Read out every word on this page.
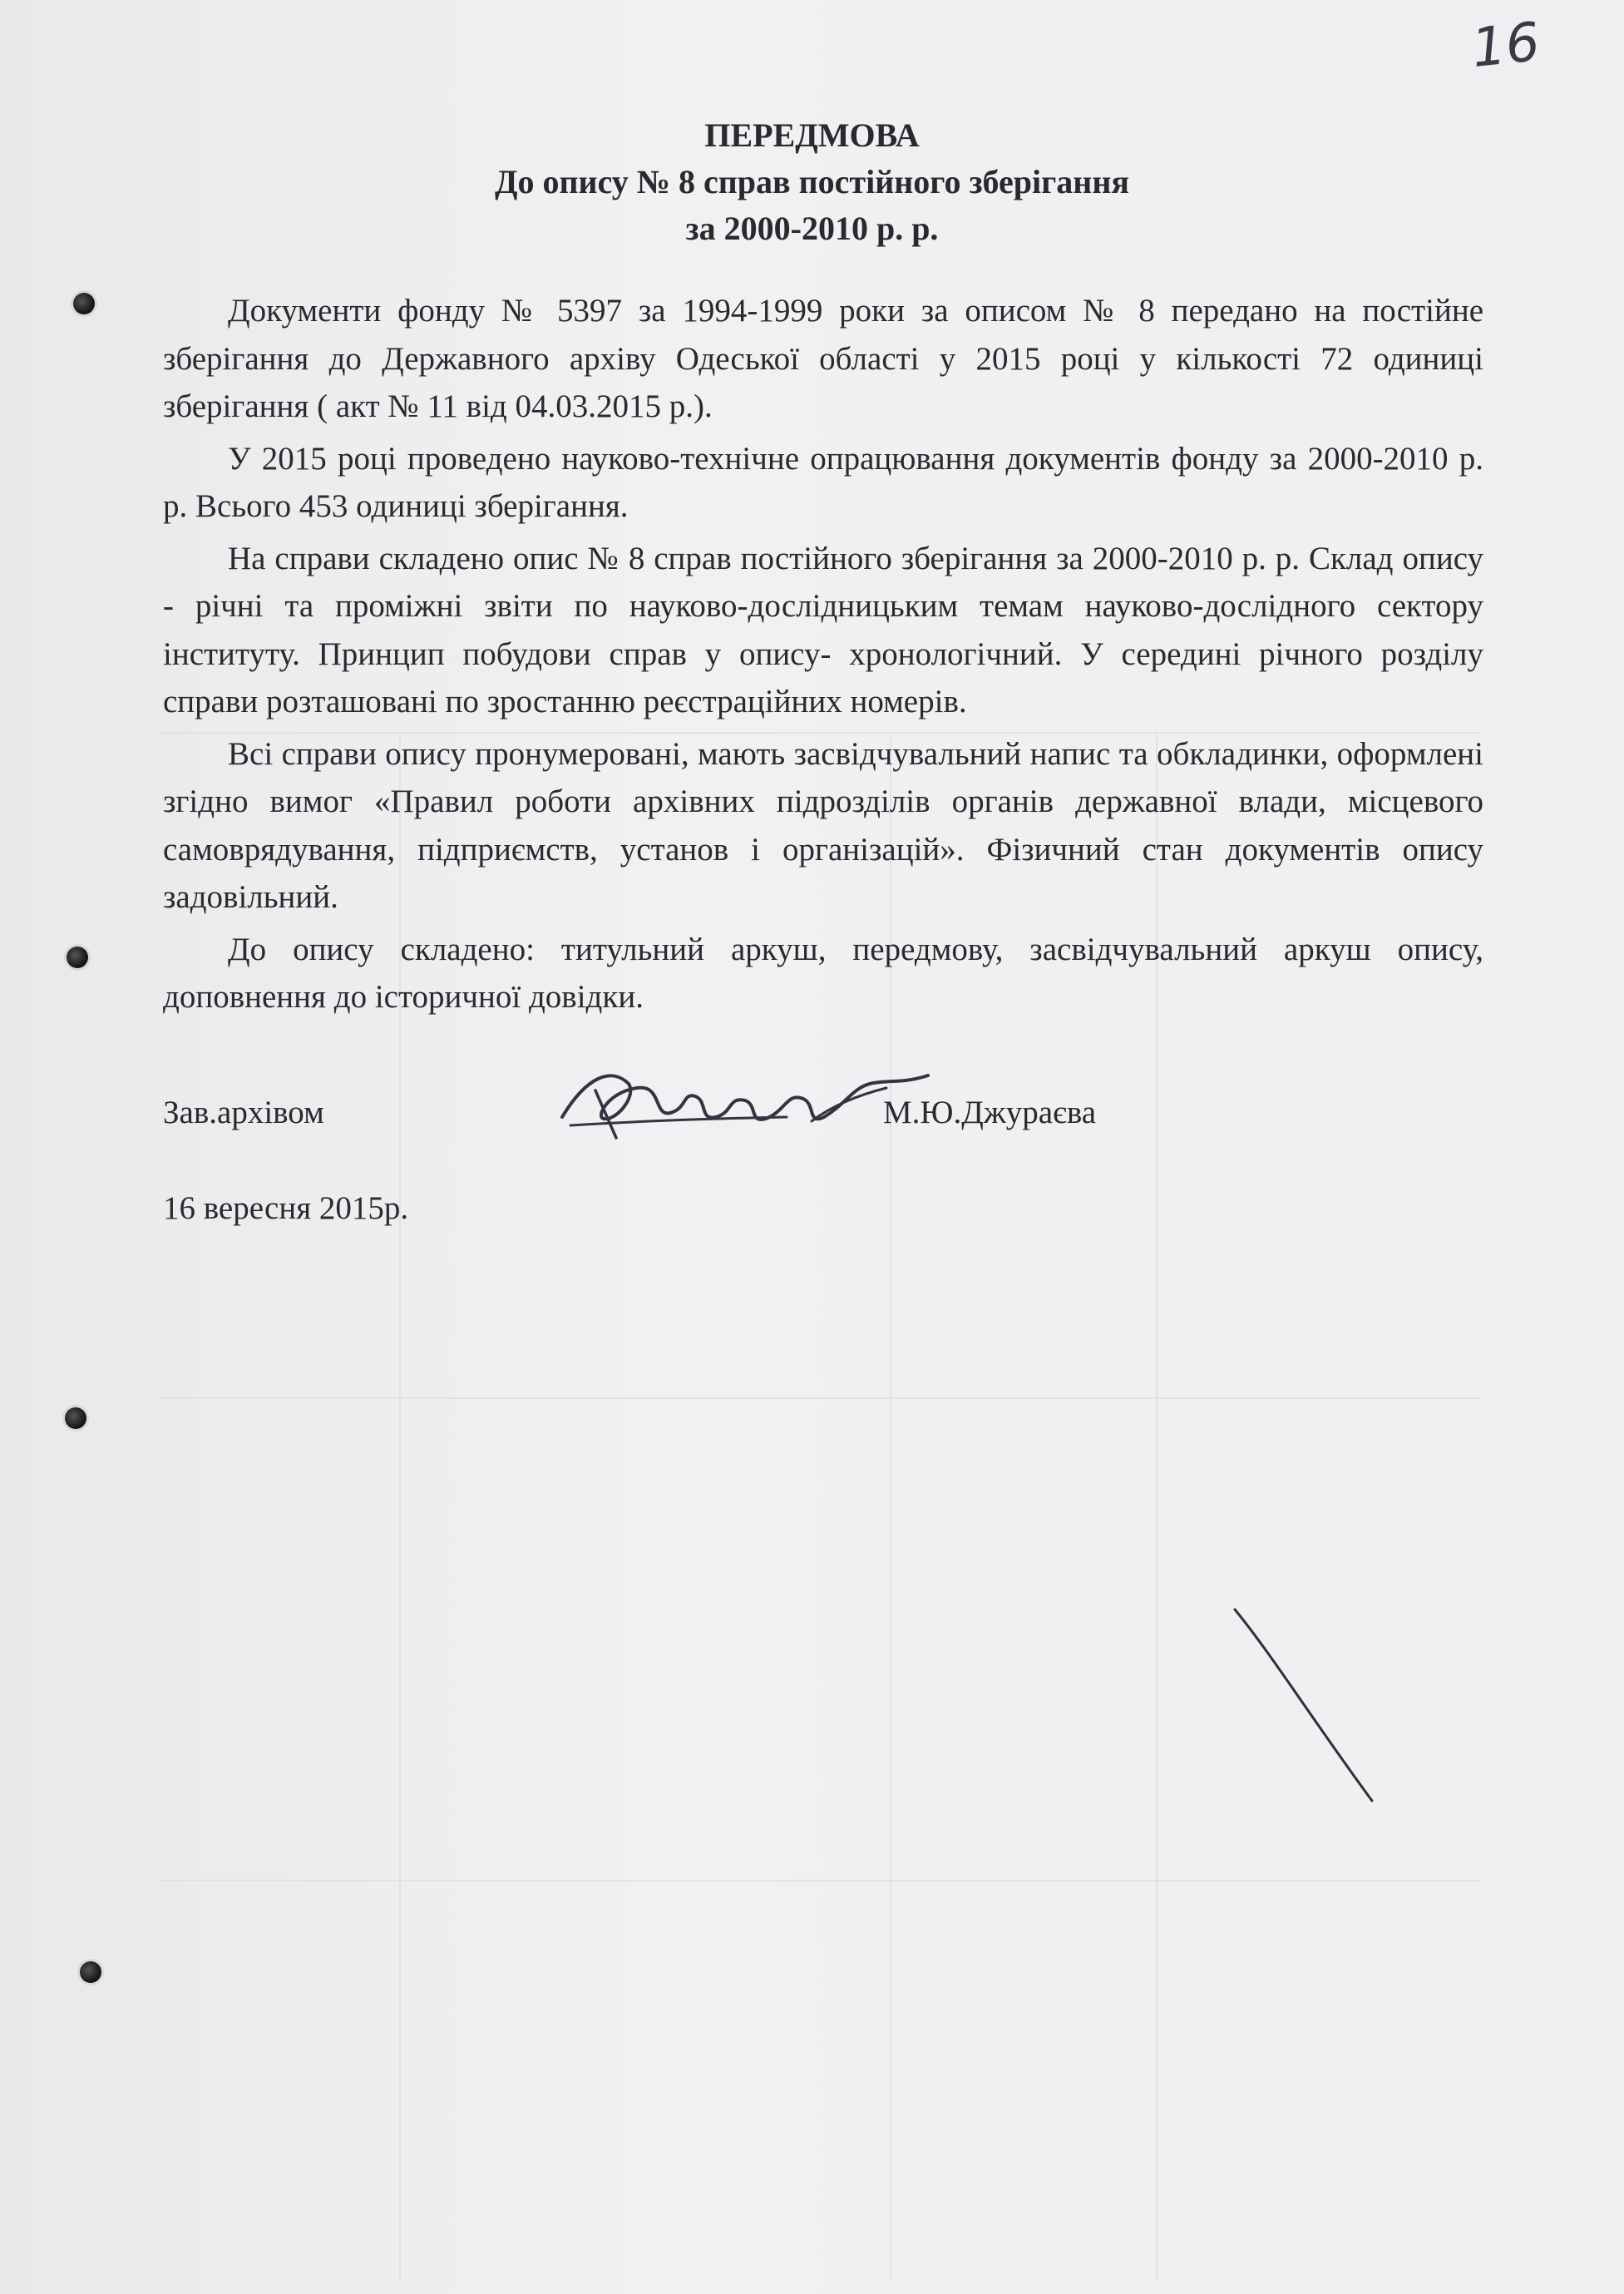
16
ПЕРЕДМОВА
До опису № 8 справ постійного зберігання
за 2000-2010 р. р.

Документи фонду № 5397 за 1994-1999 роки за описом № 8 передано на постійне зберігання до Державного архіву Одеської області у 2015 році у кількості 72 одиниці зберігання ( акт № 11 від 04.03.2015 р.).

У 2015 році проведено науково-технічне опрацювання документів фонду за 2000-2010 р. р. Всього 453 одиниці зберігання.

На справи складено опис № 8 справ постійного зберігання за 2000-2010 р. р. Склад опису - річні та проміжні звіти по науково-дослідницьким темам науково-дослідного сектору інституту. Принцип побудови справ у опису- хронологічний. У середині річного розділу справи розташовані по зростанню реєстраційних номерів.

Всі справи опису пронумеровані, мають засвідчувальний напис та обкладинки, оформлені згідно вимог «Правил роботи архівних підрозділів органів державної влади, місцевого самоврядування, підприємств, установ і організацій». Фізичний стан документів опису задовільний.

До опису складено: титульний аркуш, передмову, засвідчувальний аркуш опису, доповнення до історичної довідки.

Зав.архівом	М.Ю.Джураєва
16 вересня 2015р.
